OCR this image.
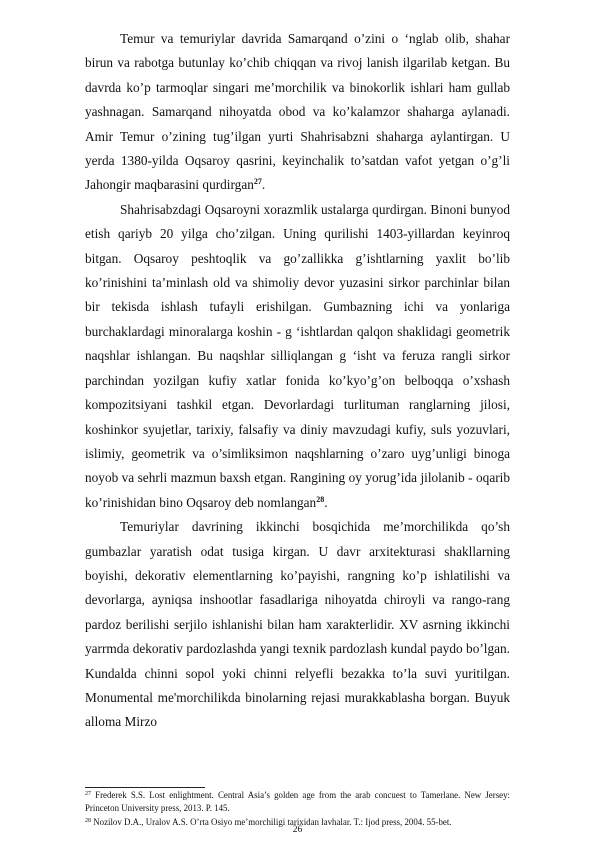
Temur va temuriylar davrida Samarqand o’zini o ‘nglab olib, shahar birun va rabotga butunlay ko’chib chiqqan va rivoj lanish ilgarilab ketgan. Bu davrda ko’p tarmoqlar singari me’morchilik va binokorlik ishlari ham gullab yashnagan. Samarqand nihoyatda obod va ko’kalamzor shaharga aylanadi. Amir Temur o’zining tug’ilgan yurti Shahrisabzni shaharga aylantirgan. U yerda 1380-yilda Oqsaroy qasrini, keyinchalik to’satdan vafot yetgan o’g’li Jahongir maqbarasini qurdirgan$^{27}$.

Shahrisabzdagi Oqsaroyni xorazmlik ustalarga qurdirgan. Binoni bunyod etish qariyb 20 yilga cho’zilgan. Uning qurilishi 1403-yillardan keyinroq bitgan. Oqsaroy peshtoqlik va go’zallikka g’ishtlarning yaxlit bo’lib ko’rinishini ta’minlash old va shimoliy devor yuzasini sirkor parchinlar bilan bir tekisda ishlash tufayli erishilgan. Gumbazning ichi va yonlariga burchaklardagi minoralarga koshin - g ‘ishtlardan qalqon shaklidagi geometrik naqshlar ishlangan. Bu naqshlar silliqlangan g ‘isht va feruza rangli sirkor parchindan yozilgan kufiy xatlar fonida ko’kyo’g’on belboqqa o’xshash kompozitsiyani tashkil etgan. Devorlardagi turlituman ranglarning jilosi, koshinkor syujetlar, tarixiy, falsafiy va diniy mavzudagi kufiy, suls yozuvlari, islimiy, geometrik va o’simliksimon naqshlarning o’zaro uyg’unligi binoga noyob va sehrli mazmun baxsh etgan. Rangining oy yorug’ida jilolanib - oqarib ko’rinishidan bino Oqsaroy deb nomlangan$^{28}$.

Temuriylar davrining ikkinchi bosqichida me’morchilikda qo’sh gumbazlar yaratish odat tusiga kirgan. U davr arxitekturasi shakllarning boyishi, dekorativ elementlarning ko’payishi, rangning ko’p ishlatilishi va devorlarga, ayniqsa inshootlar fasadlariga nihoyatda chiroyli va rango-rang pardoz berilishi serjilo ishlanishi bilan ham xarakterlidir. XV asrning ikkinchi yarrmda dekorativ pardozlashda yangi texnik pardozlash kundal paydo bo’lgan. Kundalda chinni sopol yoki chinni relyefli bezakka to’la suvi yuritilgan. Monumental me'morchilikda binolarning rejasi murakkablasha borgan. Buyuk alloma Mirzo

$^{27}$ Frederek S.S. Lost enlightment. Central Asia’s golden age from the arab concuest to Tamerlane. New Jersey: Princeton University press, 2013. P. 145.

$^{28}$ Nozilov D.A., Uralov A.S. O’rta Osiyo me’morchiligi tarixidan lavhalar. T.: Ijod press, 2004. 55-bet.

26
